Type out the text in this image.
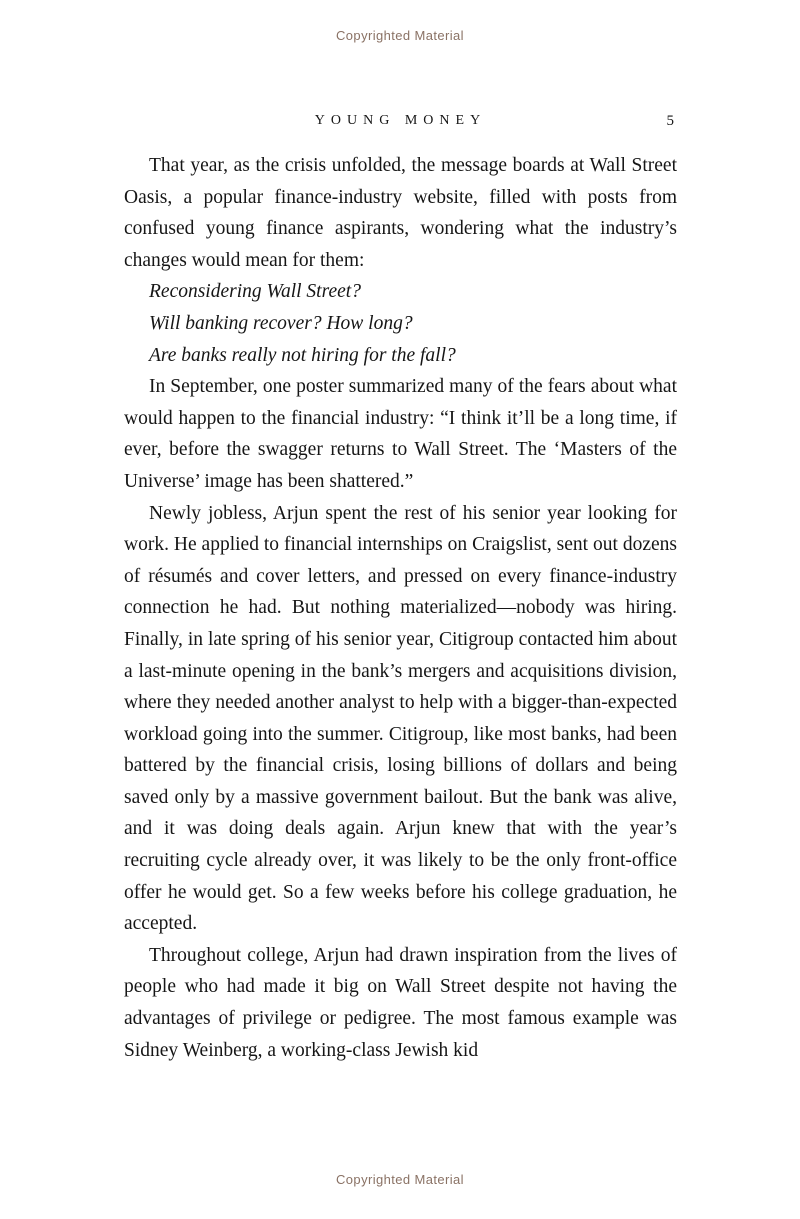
Copyrighted Material
YOUNG MONEY	5

That year, as the crisis unfolded, the message boards at Wall Street Oasis, a popular finance-industry website, filled with posts from confused young finance aspirants, wondering what the industry’s changes would mean for them:

Reconsidering Wall Street?

Will banking recover? How long?

Are banks really not hiring for the fall?

In September, one poster summarized many of the fears about what would happen to the financial industry: “I think it’ll be a long time, if ever, before the swagger returns to Wall Street. The ‘Masters of the Universe’ image has been shattered.”

Newly jobless, Arjun spent the rest of his senior year looking for work. He applied to financial internships on Craigslist, sent out dozens of résumés and cover letters, and pressed on every finance-industry connection he had. But nothing materialized—nobody was hiring. Finally, in late spring of his senior year, Citigroup contacted him about a last-minute opening in the bank’s mergers and acquisitions division, where they needed another analyst to help with a bigger-than-expected workload going into the summer. Citigroup, like most banks, had been battered by the financial crisis, losing billions of dollars and being saved only by a massive government bailout. But the bank was alive, and it was doing deals again. Arjun knew that with the year’s recruiting cycle already over, it was likely to be the only front-office offer he would get. So a few weeks before his college graduation, he accepted.

Throughout college, Arjun had drawn inspiration from the lives of people who had made it big on Wall Street despite not having the advantages of privilege or pedigree. The most famous example was Sidney Weinberg, a working-class Jewish kid

Copyrighted Material
